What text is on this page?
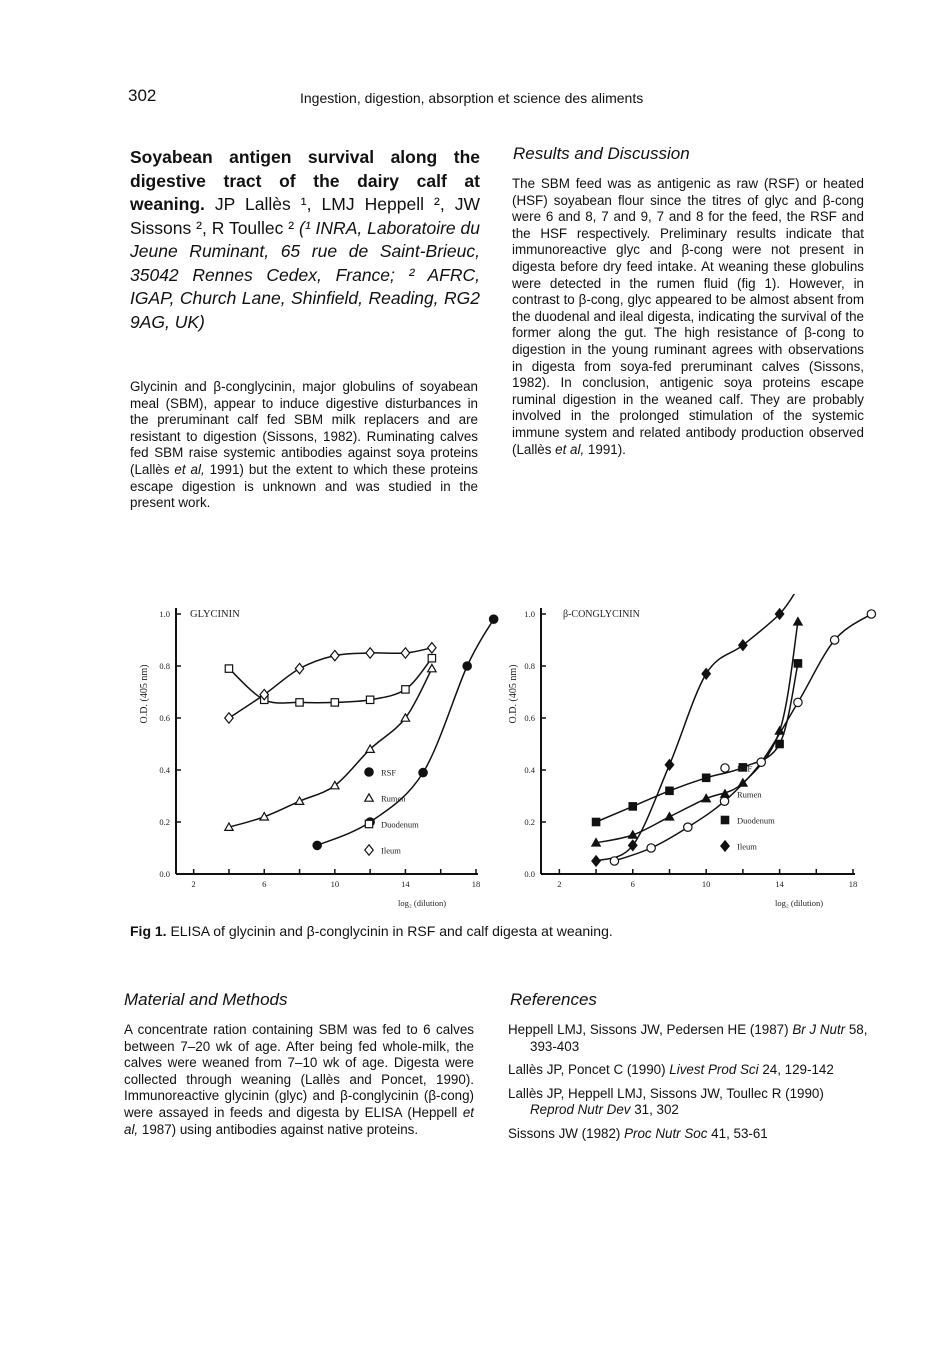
302	Ingestion, digestion, absorption et science des aliments
Soyabean antigen survival along the digestive tract of the dairy calf at weaning. JP Lallès ¹, LMJ Heppell ², JW Sissons ², R Toullec ² (¹ INRA, Laboratoire du Jeune Ruminant, 65 rue de Saint-Brieuc, 35042 Rennes Cedex, France; ² AFRC, IGAP, Church Lane, Shinfield, Reading, RG2 9AG, UK)
Glycinin and β-conglycinin, major globulins of soyabean meal (SBM), appear to induce digestive disturbances in the preruminant calf fed SBM milk replacers and are resistant to digestion (Sissons, 1982). Ruminating calves fed SBM raise systemic antibodies against soya proteins (Lallès et al, 1991) but the extent to which these proteins escape digestion is unknown and was studied in the present work.
Results and Discussion
The SBM feed was as antigenic as raw (RSF) or heated (HSF) soyabean flour since the titres of glyc and β-cong were 6 and 8, 7 and 9, 7 and 8 for the feed, the RSF and the HSF respectively. Preliminary results indicate that immunoreactive glyc and β-cong were not present in digesta before dry feed intake. At weaning these globulins were detected in the rumen fluid (fig 1). However, in contrast to β-cong, glyc appeared to be almost absent from the duodenal and ileal digesta, indicating the survival of the former along the gut. The high resistance of β-cong to digestion in the young ruminant agrees with observations in digesta from soya-fed preruminant calves (Sissons, 1982). In conclusion, antigenic soya proteins escape ruminal digestion in the weaned calf. They are probably involved in the prolonged stimulation of the systemic immune system and related antibody production observed (Lallès et al, 1991).
O.D. (405 nm)
GLYCININ
log₂ (dilution)
0.0
0.2
0.4
0.6
0.8
1.0
2	6	10	14	18
RSF
Rumen
Duodenum
Ileum
O.D. (405 nm)
β-CONGLYCININ
log₂ (dilution)
0.0
0.2
0.4
0.6
0.8
1.0
2	6	10	14	18
RSF
Rumen
Duodenum
Ileum
Fig 1. ELISA of glycinin and β-conglycinin in RSF and calf digesta at weaning.
Material and Methods
A concentrate ration containing SBM was fed to 6 calves between 7–20 wk of age. After being fed whole-milk, the calves were weaned from 7–10 wk of age. Digesta were collected through weaning (Lallès and Poncet, 1990). Immunoreactive glycinin (glyc) and β-conglycinin (β-cong) were assayed in feeds and digesta by ELISA (Heppell et al, 1987) using antibodies against native proteins.
References
Heppell LMJ, Sissons JW, Pedersen HE (1987) Br J Nutr 58, 393-403
Lallès JP, Poncet C (1990) Livest Prod Sci 24, 129-142
Lallès JP, Heppell LMJ, Sissons JW, Toullec R (1990) Reprod Nutr Dev 31, 302
Sissons JW (1982) Proc Nutr Soc 41, 53-61
